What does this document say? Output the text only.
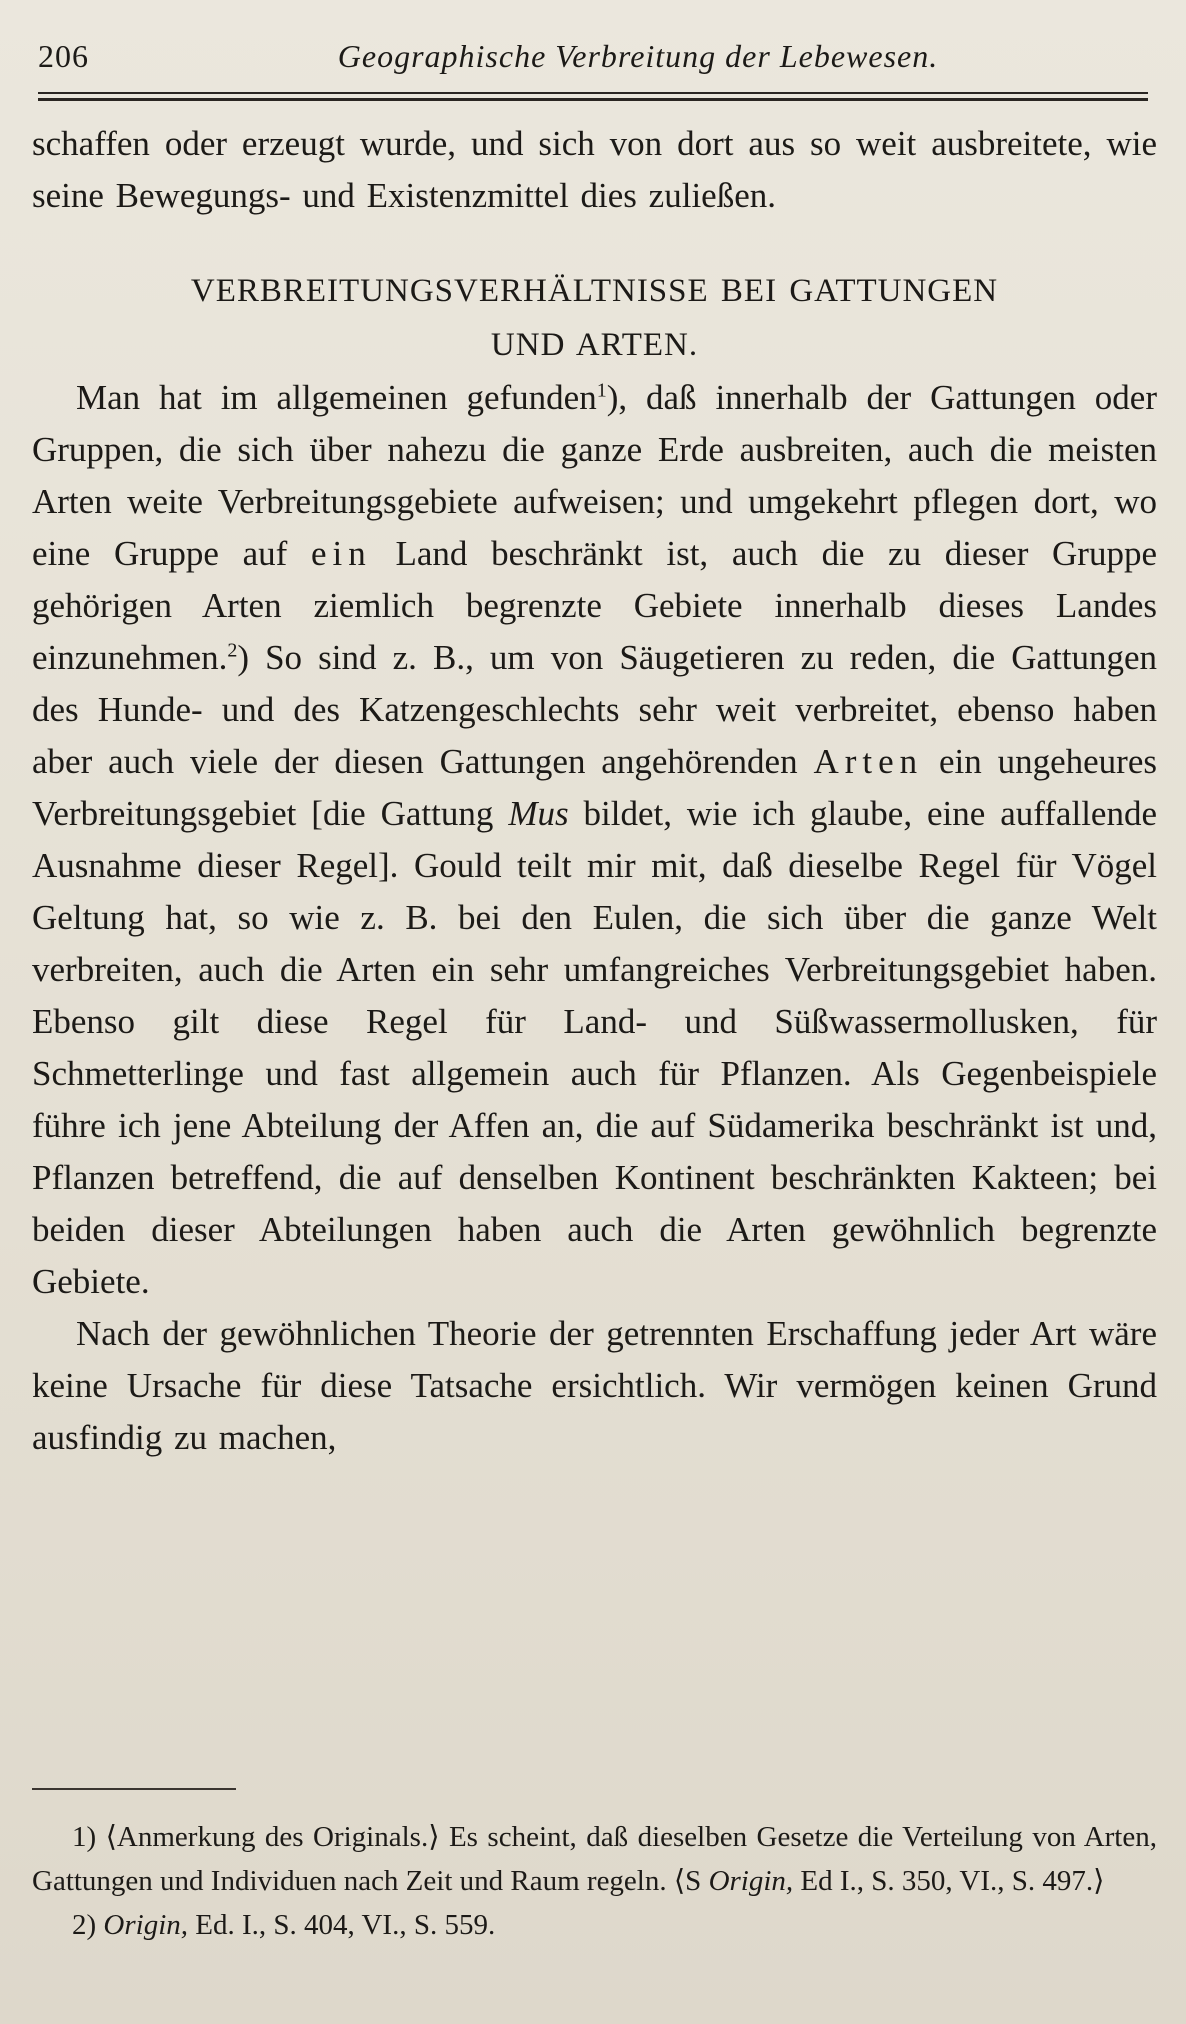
206	Geographische Verbreitung der Lebewesen.

schaffen oder erzeugt wurde, und sich von dort aus so weit ausbreitete, wie seine Bewegungs- und Existenzmittel dies zuließen.

VERBREITUNGSVERHÄLTNISSE BEI GATTUNGEN
UND ARTEN.

Man hat im allgemeinen gefunden$^1$), daß innerhalb der Gattungen oder Gruppen, die sich über nahezu die ganze Erde ausbreiten, auch die meisten Arten weite Verbreitungsgebiete aufweisen; und umgekehrt pflegen dort, wo eine Gruppe auf ein Land beschränkt ist, auch die zu dieser Gruppe gehörigen Arten ziemlich begrenzte Gebiete innerhalb dieses Landes einzunehmen.$^2$) So sind z. B., um von Säugetieren zu reden, die Gattungen des Hunde- und des Katzengeschlechts sehr weit verbreitet, ebenso haben aber auch viele der diesen Gattungen angehörenden Arten ein ungeheures Verbreitungsgebiet [die Gattung Mus bildet, wie ich glaube, eine auffallende Ausnahme dieser Regel]. Gould teilt mir mit, daß dieselbe Regel für Vögel Geltung hat, so wie z. B. bei den Eulen, die sich über die ganze Welt verbreiten, auch die Arten ein sehr umfangreiches Verbreitungsgebiet haben. Ebenso gilt diese Regel für Land- und Süßwassermollusken, für Schmetterlinge und fast allgemein auch für Pflanzen. Als Gegenbeispiele führe ich jene Abteilung der Affen an, die auf Südamerika beschränkt ist und, Pflanzen betreffend, die auf denselben Kontinent beschränkten Kakteen; bei beiden dieser Abteilungen haben auch die Arten gewöhnlich begrenzte Gebiete.

Nach der gewöhnlichen Theorie der getrennten Erschaffung jeder Art wäre keine Ursache für diese Tatsache ersichtlich. Wir vermögen keinen Grund ausfindig zu machen,

1) ⟨Anmerkung des Originals.⟩ Es scheint, daß dieselben Gesetze die Verteilung von Arten, Gattungen und Individuen nach Zeit und Raum regeln. ⟨S Origin, Ed I., S. 350, VI., S. 497.⟩

2) Origin, Ed. I., S. 404, VI., S. 559.
